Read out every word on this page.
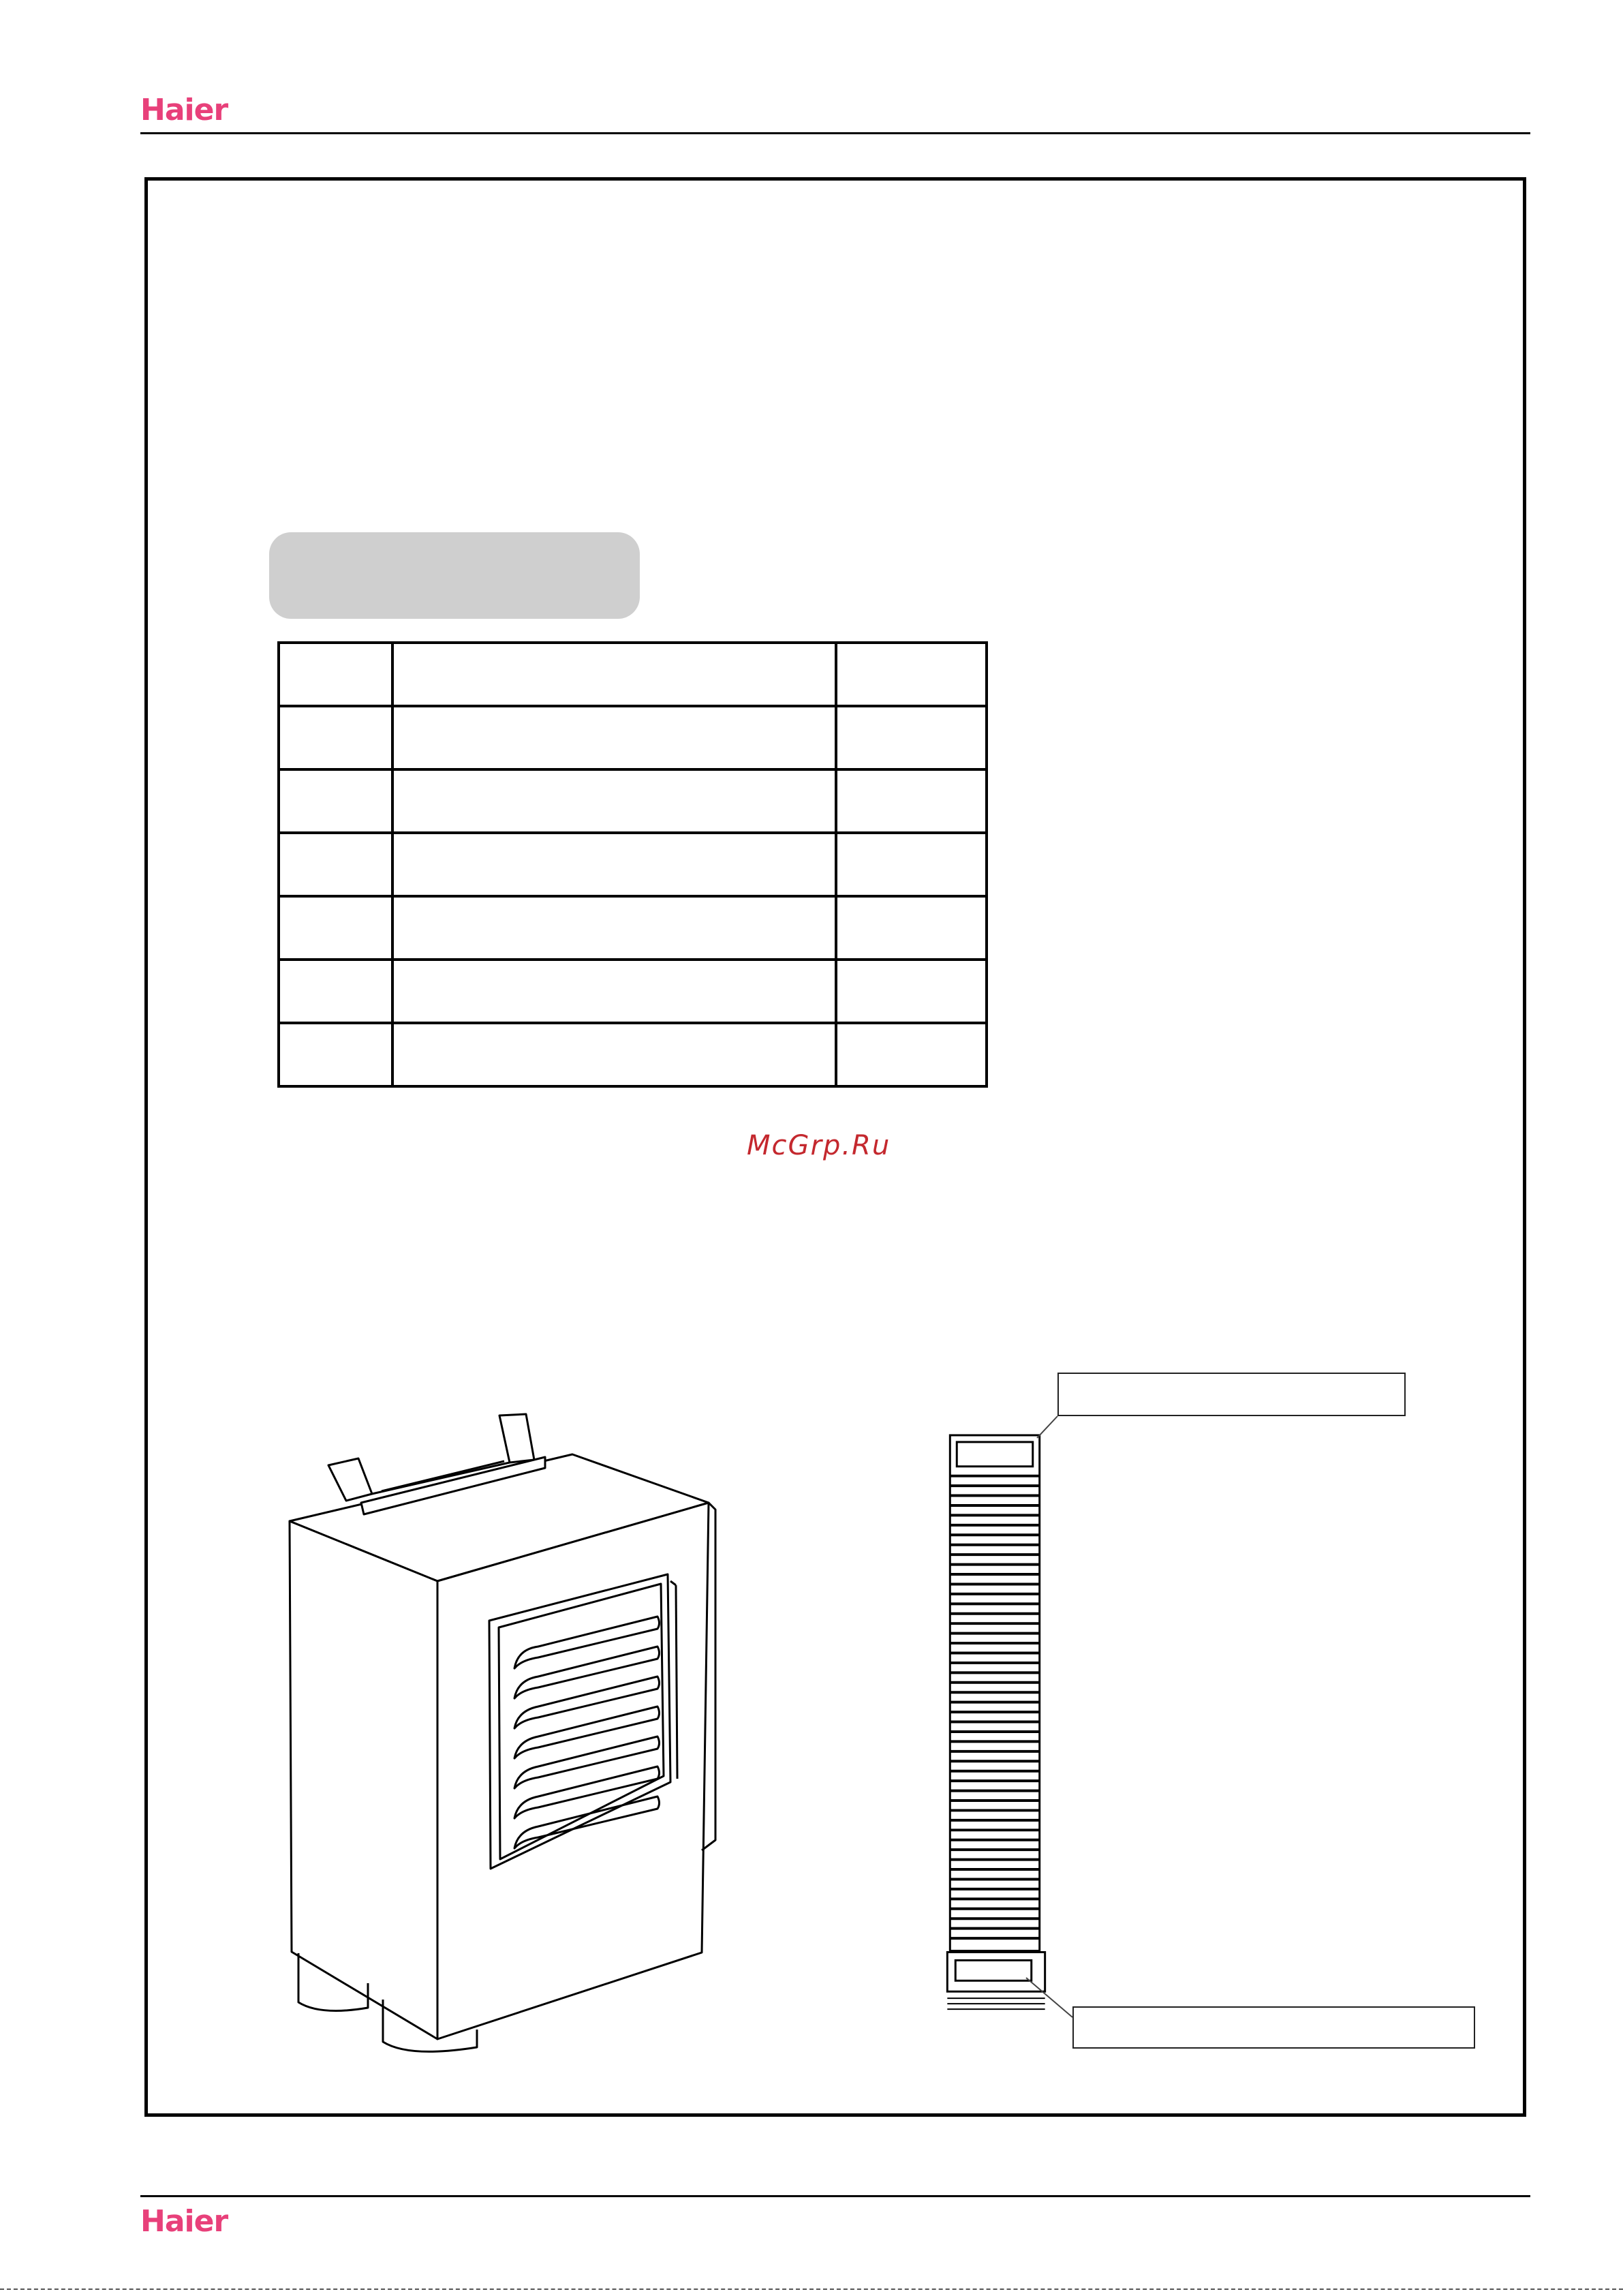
Haier

McGrp.Ru
Haier
